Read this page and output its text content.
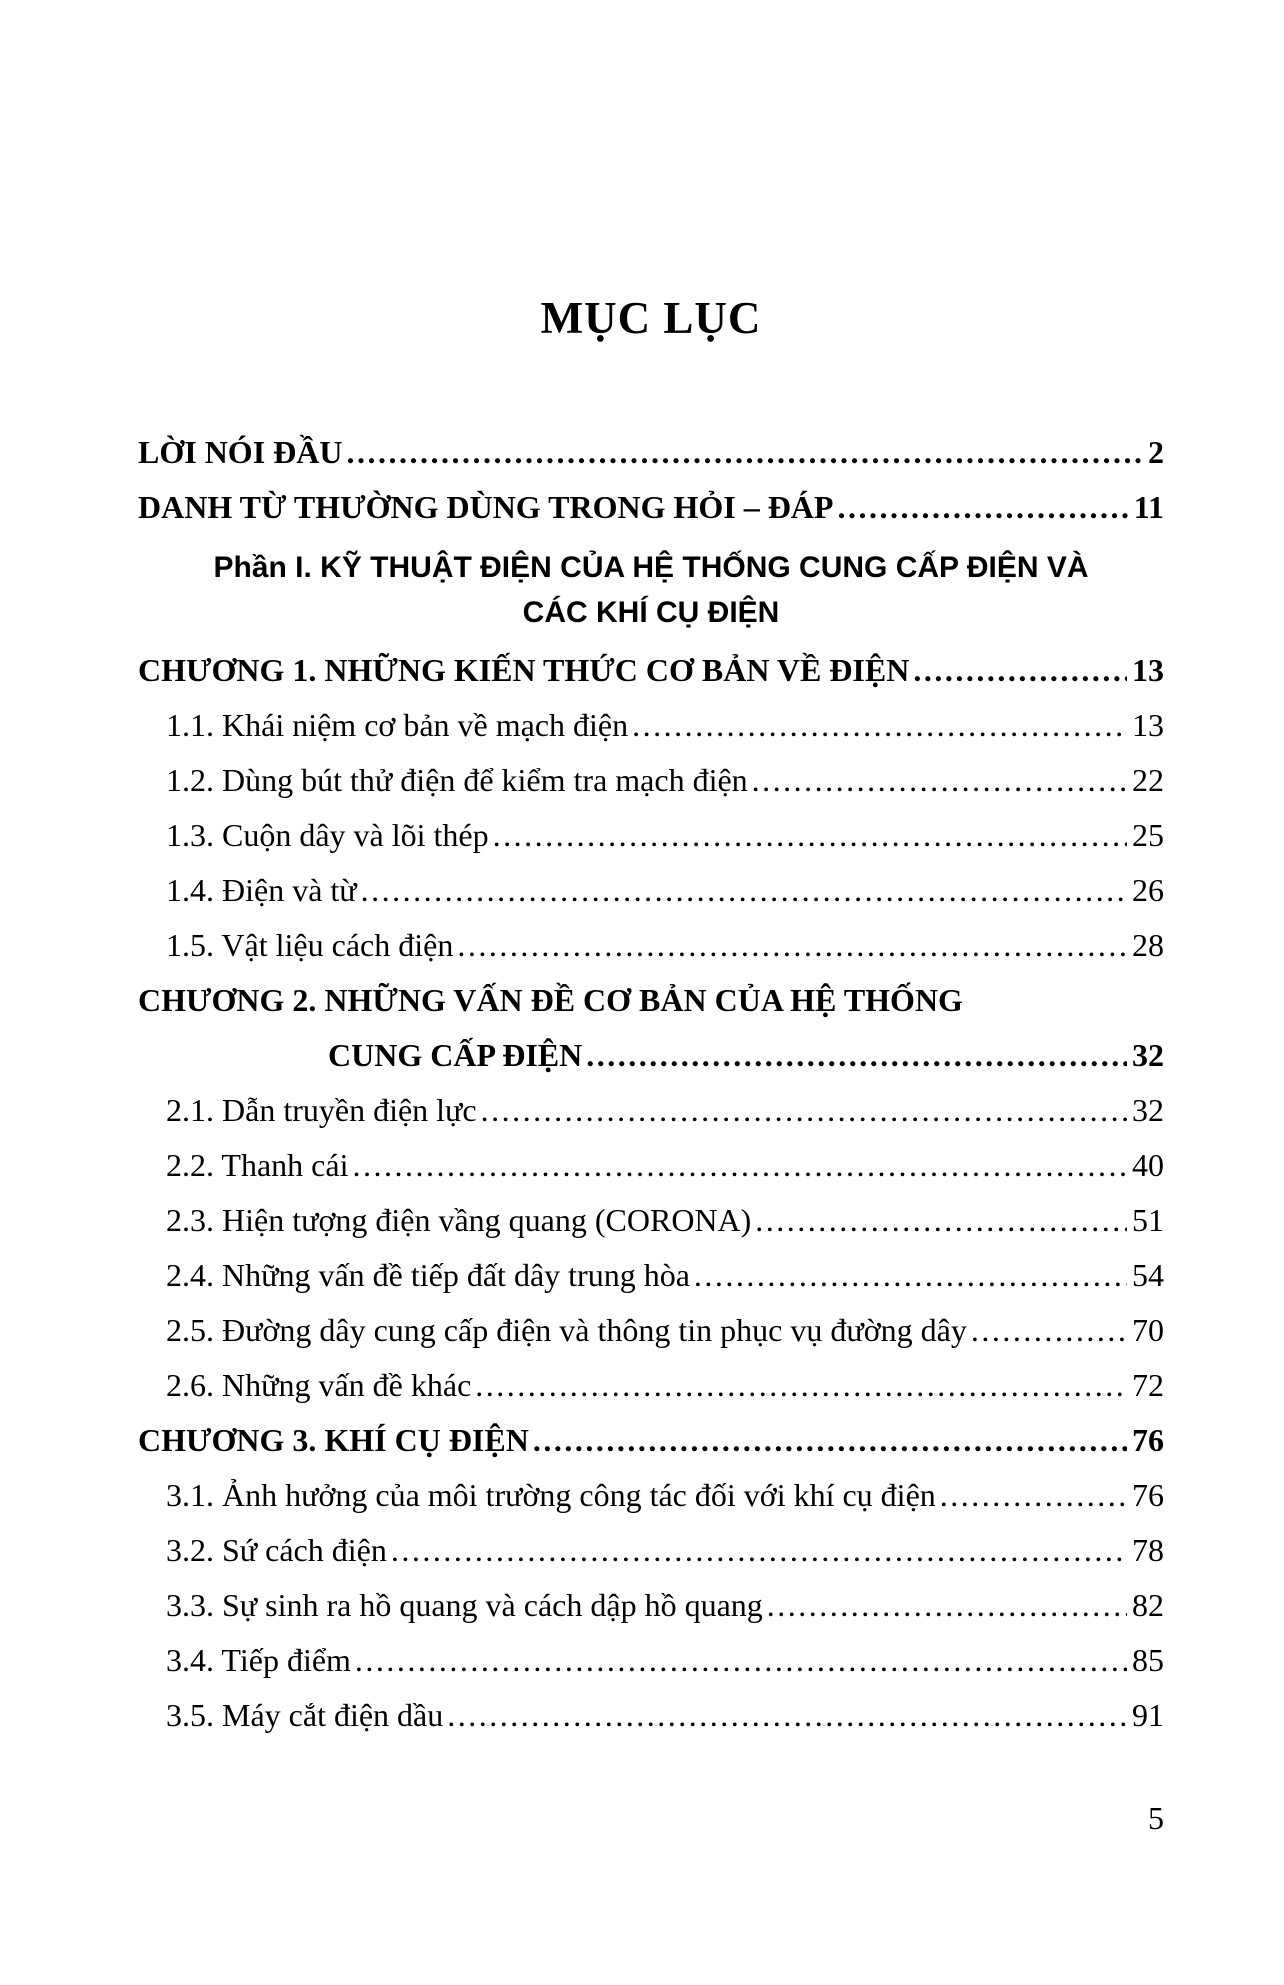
MỤC LỤC
LỜI NÓI ĐẦU .....	2
DANH TỪ THƯỜNG DÙNG TRONG HỎI – ĐÁP .....	11
Phần I. KỸ THUẬT ĐIỆN CỦA HỆ THỐNG CUNG CẤP ĐIỆN VÀ
CÁC KHÍ CỤ ĐIỆN
CHƯƠNG 1. NHỮNG KIẾN THỨC CƠ BẢN VỀ ĐIỆN .....	13
1.1. Khái niệm cơ bản về mạch điện .....	13
1.2. Dùng bút thử điện để kiểm tra mạch điện .....	22
1.3. Cuộn dây và lõi thép .....	25
1.4. Điện và từ .....	26
1.5. Vật liệu cách điện .....	28
CHƯƠNG 2. NHỮNG VẤN ĐỀ CƠ BẢN CỦA HỆ THỐNG
CUNG CẤP ĐIỆN .....	32
2.1. Dẫn truyền điện lực .....	32
2.2. Thanh cái .....	40
2.3. Hiện tượng điện vầng quang (CORONA) .....	51
2.4. Những vấn đề tiếp đất dây trung hòa .....	54
2.5. Đường dây cung cấp điện và thông tin phục vụ đường dây .....	70
2.6. Những vấn đề khác .....	72
CHƯƠNG 3. KHÍ CỤ ĐIỆN .....	76
3.1. Ảnh hưởng của môi trường công tác đối với khí cụ điện .....	76
3.2. Sứ cách điện .....	78
3.3. Sự sinh ra hồ quang và cách dập hồ quang .....	82
3.4. Tiếp điểm .....	85
3.5. Máy cắt điện dầu .....	91
5
